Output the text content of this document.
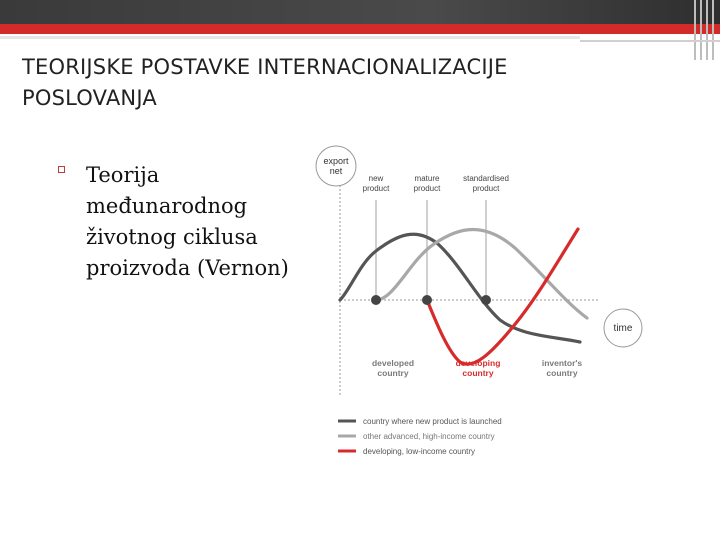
TEORIJSKE POSTAVKE INTERNACIONALIZACIJE POSLOVANJA
Teorija međunarodnog životnog ciklusa proizvoda (Vernon)
export
net
time
new
product
mature
product
standardised
product
developed
country
developing
country
inventor's
country
country where new product is launched
other advanced, high-income country
developing, low-income country
